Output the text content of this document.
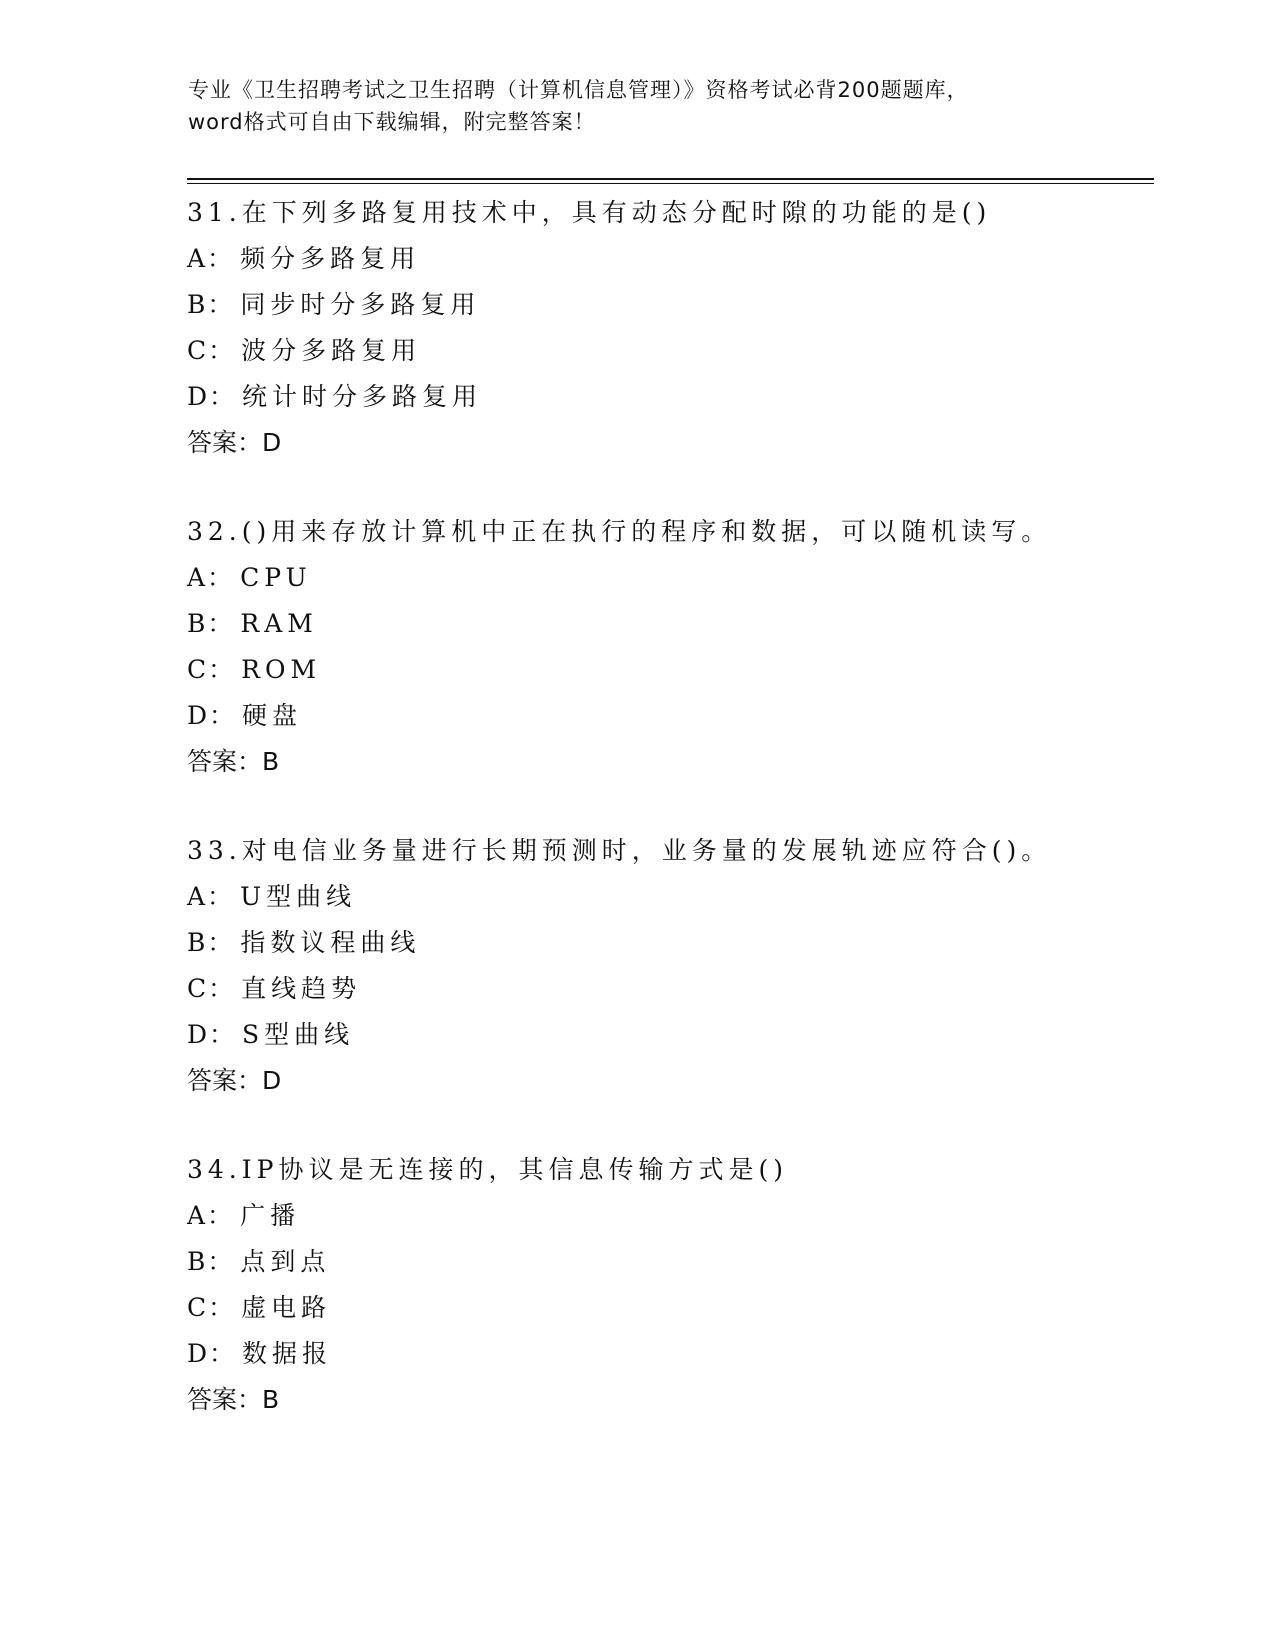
专业《卫生招聘考试之卫生招聘（计算机信息管理）》资格考试必背200题题库，
word格式可自由下载编辑，附完整答案！
31.在下列多路复用技术中，具有动态分配时隙的功能的是()
A： 频分多路复用
B： 同步时分多路复用
C： 波分多路复用
D： 统计时分多路复用
答案：D
32.()用来存放计算机中正在执行的程序和数据，可以随机读写。
A： CPU
B： RAM
C： ROM
D： 硬盘
答案：B
33.对电信业务量进行长期预测时，业务量的发展轨迹应符合()。
A： U型曲线
B： 指数议程曲线
C： 直线趋势
D： S型曲线
答案：D
34.IP协议是无连接的，其信息传输方式是()
A： 广播
B： 点到点
C： 虚电路
D： 数据报
答案：B
